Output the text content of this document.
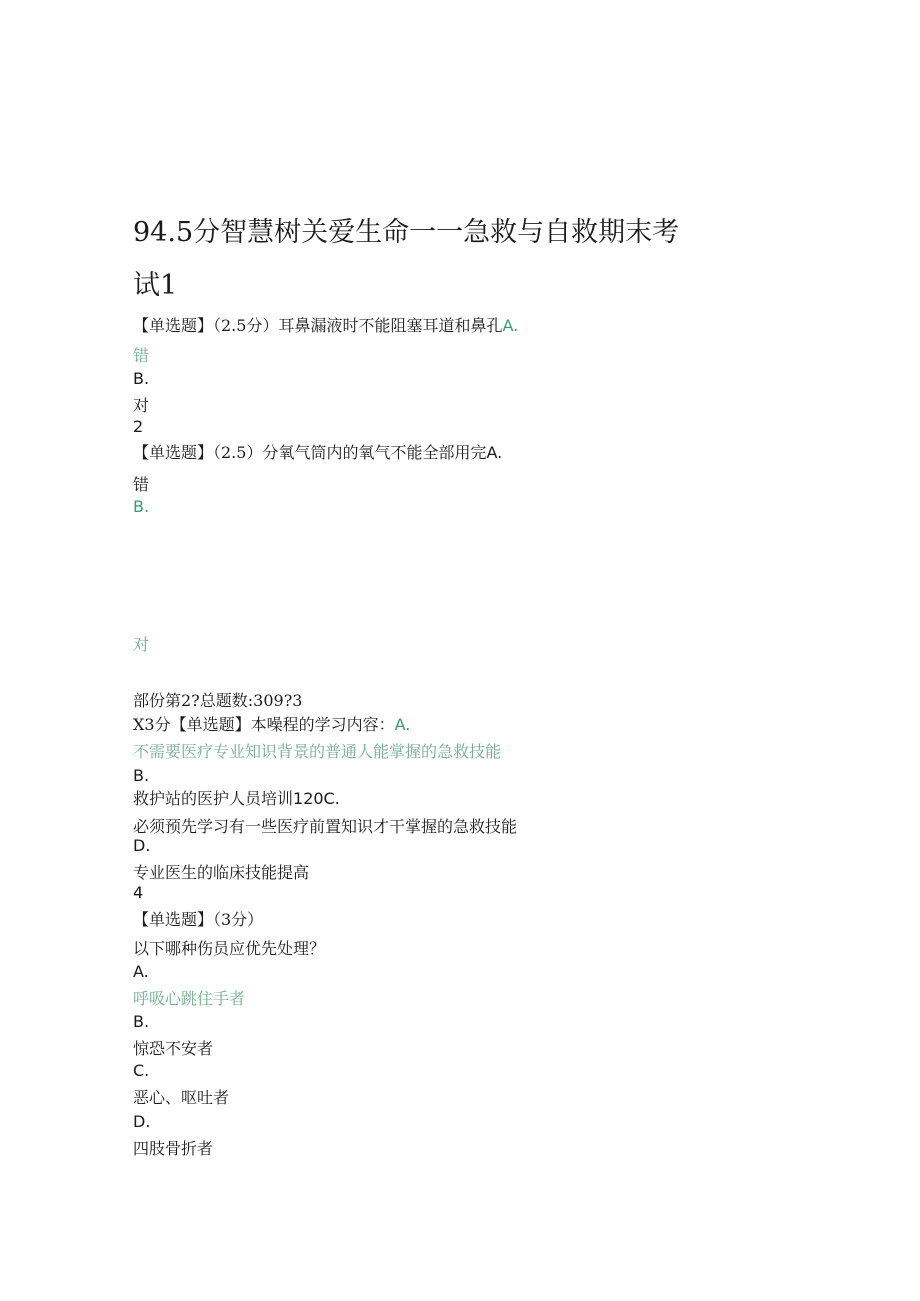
94.5分智慧树关爱生命一一急救与自救期末考
试1
【单选题】（2.5分）耳鼻漏液时不能阻塞耳道和鼻孔A.
错
B.
对
2
【单选题】（2.5）分氧气筒内的氧气不能全部用完A.
错
B.
对
部份第2?总题数:309?3
X3分【单选题】本噪程的学习内容：A.
不需要医疗专业知识背景的普通人能掌握的急救技能
B.
救护站的医护人员培训120C.
必须预先学习有一些医疗前置知识才干掌握的急救技能
D.
专业医生的临床技能提高
4
【单选题】（3分）
以下哪种伤员应优先处理？
A.
呼吸心跳住手者
B.
惊恐不安者
C.
恶心、呕吐者
D.
四肢骨折者
